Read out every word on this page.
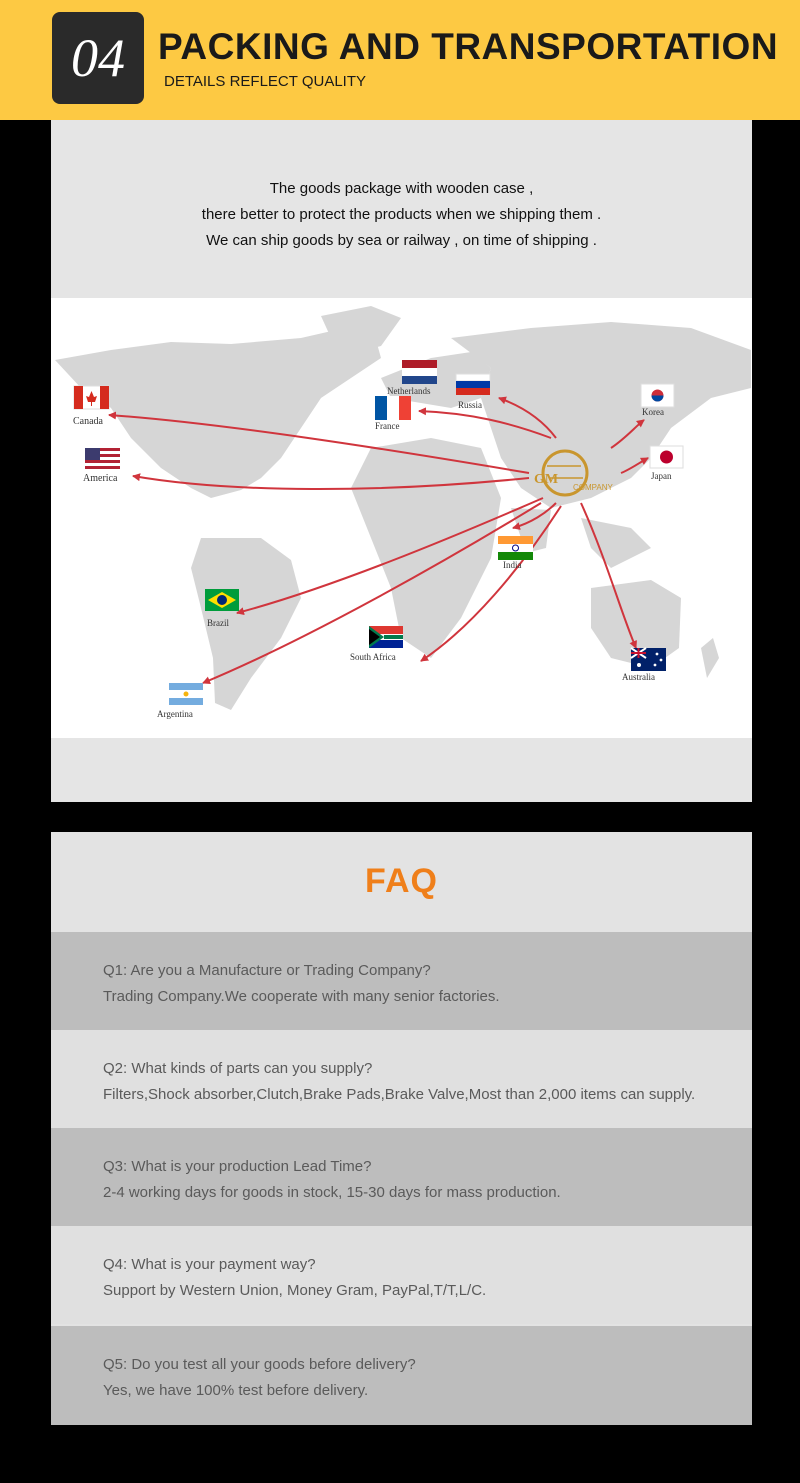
04 PACKING AND TRANSPORTATION
DETAILS REFLECT QUALITY
The goods package with wooden case ,
there better to protect the products when we shipping them .
We can ship goods by sea or railway , on time of shipping .
GM
COMPANY
Canada
America
Netherlands
Russia
France
Korea
Japan
India
Brazil
South Africa
Australia
Argentina
FAQ
Q1: Are you a Manufacture or Trading Company?
Trading Company.We cooperate with many senior factories.
Q2: What kinds of parts can you supply?
Filters,Shock absorber,Clutch,Brake Pads,Brake Valve,Most than 2,000 items can supply.
Q3: What is your production Lead Time?
2-4 working days for goods in stock, 15-30 days for mass production.
Q4: What is your payment way?
Support by Western Union, Money Gram, PayPal,T/T,L/C.
Q5: Do you test all your goods before delivery?
Yes, we have 100% test before delivery.
